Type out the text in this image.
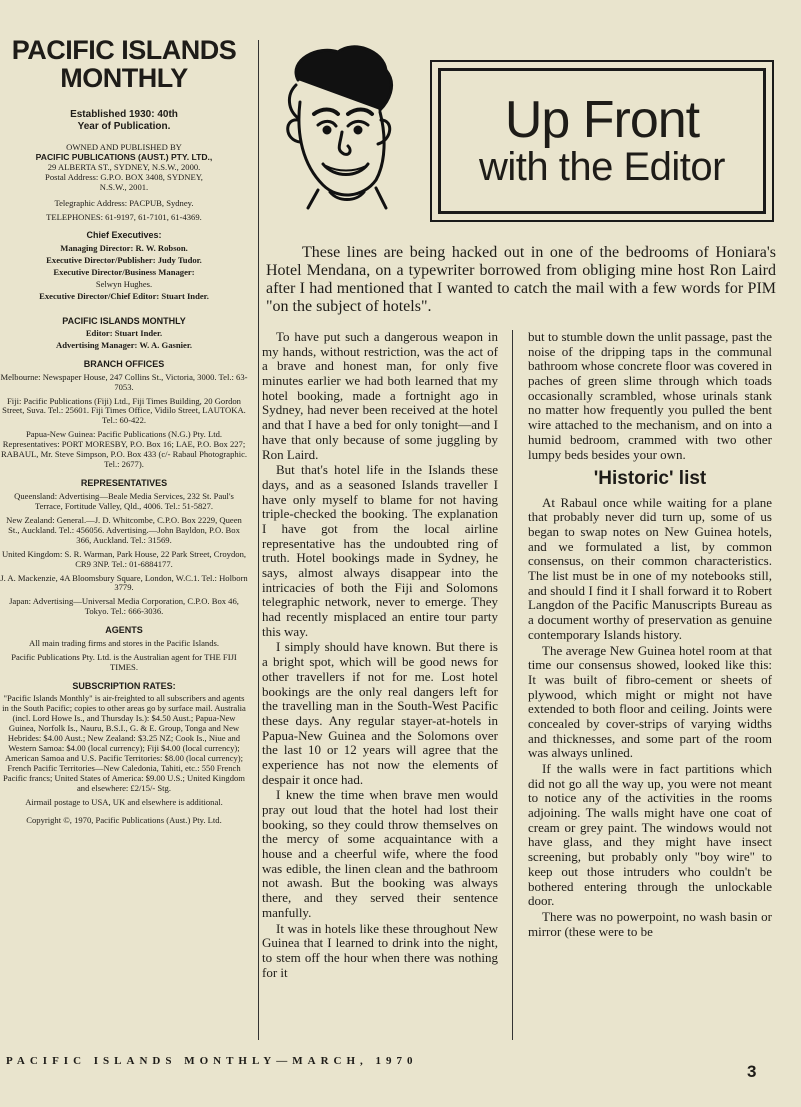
PACIFIC ISLANDS
MONTHLY
Established 1930: 40th
Year of Publication.
OWNED AND PUBLISHED BY
PACIFIC PUBLICATIONS (AUST.) PTY. LTD.,
29 ALBERTA ST., SYDNEY, N.S.W., 2000.
Postal Address: G.P.O. BOX 3408, SYDNEY,
N.S.W., 2001.

Telegraphic Address: PACPUB, Sydney.

TELEPHONES: 61-9197, 61-7101, 61-4369.

Chief Executives:
Managing Director: R. W. Robson.
Executive Director/Publisher: Judy Tudor.
Executive Director/Business Manager:
Selwyn Hughes.
Executive Director/Chief Editor: Stuart Inder.
PACIFIC ISLANDS MONTHLY
Editor: Stuart Inder.
Advertising Manager: W. A. Gasnier.
BRANCH OFFICES

Melbourne: Newspaper House, 247 Collins St., Victoria, 3000. Tel.: 63-7053.

Fiji: Pacific Publications (Fiji) Ltd., Fiji Times Building, 20 Gordon Street, Suva. Tel.: 25601. Fiji Times Office, Vidilo Street, LAUTOKA. Tel.: 60-422.

Papua-New Guinea: Pacific Publications (N.G.) Pty. Ltd. Representatives: PORT MORESBY, P.O. Box 16; LAE, P.O. Box 227; RABAUL, Mr. Steve Simpson, P.O. Box 433 (c/- Rabaul Photographic. Tel.: 2677).

REPRESENTATIVES

Queensland: Advertising—Beale Media Services, 232 St. Paul's Terrace, Fortitude Valley, Qld., 4006. Tel.: 51-5827.

New Zealand: General.—J. D. Whitcombe, C.P.O. Box 2229, Queen St., Auckland. Tel.: 456056. Advertising.—John Bayldon, P.O. Box 366, Auckland. Tel.: 31569.

United Kingdom: S. R. Warman, Park House, 22 Park Street, Croydon, CR9 3NP. Tel.: 01-6884177.

J. A. Mackenzie, 4A Bloomsbury Square, London, W.C.1. Tel.: Holborn 3779.

Japan: Advertising—Universal Media Corporation, C.P.O. Box 46, Tokyo. Tel.: 666-3036.

AGENTS

All main trading firms and stores in the Pacific Islands.

Pacific Publications Pty. Ltd. is the Australian agent for THE FIJI TIMES.

SUBSCRIPTION RATES:

"Pacific Islands Monthly" is air-freighted to all subscribers and agents in the South Pacific; copies to other areas go by surface mail. Australia (incl. Lord Howe Is., and Thursday Is.): $4.50 Aust.; Papua-New Guinea, Norfolk Is., Nauru, B.S.I., G. & E. Group, Tonga and New Hebrides: $4.00 Aust.; New Zealand: $3.25 NZ; Cook Is., Niue and Western Samoa: $4.00 (local currency); Fiji $4.00 (local currency); American Samoa and U.S. Pacific Territories: $8.00 (local currency); French Pacific Territories—New Caledonia, Tahiti, etc.: 550 French Pacific francs; United States of America: $9.00 U.S.; United Kingdom and elsewhere: £2/15/- Stg.

Airmail postage to USA, UK and elsewhere is additional.

Copyright ©, 1970, Pacific Publications (Aust.) Pty. Ltd.

Up Front
with the Editor

These lines are being hacked out in one of the bedrooms of Honiara's Hotel Mendana, on a typewriter borrowed from obliging mine host Ron Laird after I had mentioned that I wanted to catch the mail with a few words for PIM "on the subject of hotels".

To have put such a dangerous weapon in my hands, without restriction, was the act of a brave and honest man, for only five minutes earlier we had both learned that my hotel booking, made a fortnight ago in Sydney, had never been received at the hotel and that I have a bed for only tonight—and I have that only because of some juggling by Ron Laird.

But that's hotel life in the Islands these days, and as a seasoned Islands traveller I have only myself to blame for not having triple-checked the booking. The explanation I have got from the local airline representative has the undoubted ring of truth. Hotel bookings made in Sydney, he says, almost always disappear into the intricacies of both the Fiji and Solomons telegraphic network, never to emerge. They had recently misplaced an entire tour party this way.

I simply should have known. But there is a bright spot, which will be good news for other travellers if not for me. Lost hotel bookings are the only real dangers left for the travelling man in the South-West Pacific these days. Any regular stayer-at-hotels in Papua-New Guinea and the Solomons over the last 10 or 12 years will agree that the experience has not now the elements of despair it once had.

I knew the time when brave men would pray out loud that the hotel had lost their booking, so they could throw themselves on the mercy of some acquaintance with a house and a cheerful wife, where the food was edible, the linen clean and the bathroom not awash. But the booking was always there, and they served their sentence manfully.

It was in hotels like these throughout New Guinea that I learned to drink into the night, to stem off the hour when there was nothing for it

but to stumble down the unlit passage, past the noise of the dripping taps in the communal bathroom whose concrete floor was covered in paches of green slime through which toads occasionally scrambled, whose urinals stank no matter how frequently you pulled the bent wire attached to the mechanism, and on into a humid bedroom, crammed with two other lumpy beds besides your own.

'Historic' list

At Rabaul once while waiting for a plane that probably never did turn up, some of us began to swap notes on New Guinea hotels, and we formulated a list, by common consensus, on their common characteristics. The list must be in one of my notebooks still, and should I find it I shall forward it to Robert Langdon of the Pacific Manuscripts Bureau as a document worthy of preservation as genuine contemporary Islands history.

The average New Guinea hotel room at that time our consensus showed, looked like this: It was built of fibro-cement or sheets of plywood, which might or might not have extended to both floor and ceiling. Joints were concealed by cover-strips of varying widths and thicknesses, and some part of the room was always unlined.

If the walls were in fact partitions which did not go all the way up, you were not meant to notice any of the activities in the rooms adjoining. The walls might have one coat of cream or grey paint. The windows would not have glass, and they might have insect screening, but probably only "boy wire" to keep out those intruders who couldn't be bothered entering through the unlockable door.

There was no powerpoint, no wash basin or mirror (these were to be

PACIFIC ISLANDS MONTHLY—MARCH, 1970
3
